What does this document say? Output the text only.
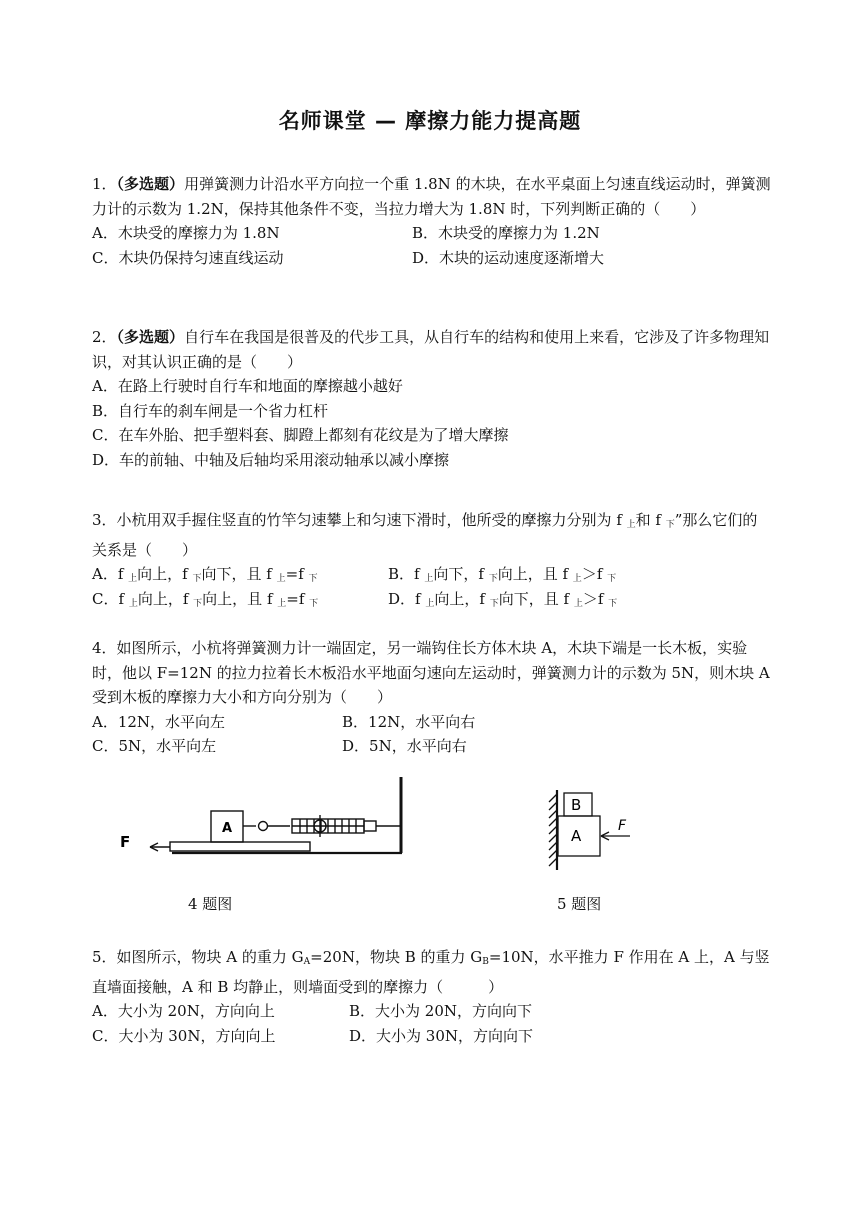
名师课堂 — 摩擦力能力提高题

1．（多选题）用弹簧测力计沿水平方向拉一个重 1.8N 的木块，在水平桌面上匀速直线运动时，弹簧测力计的示数为 1.2N，保持其他条件不变，当拉力增大为 1.8N 时，下列判断正确的（　　）

A．木块受的摩擦力为 1.8N	B．木块受的摩擦力为 1.2N
C．木块仍保持匀速直线运动	D．木块的运动速度逐渐增大

2．（多选题）自行车在我国是很普及的代步工具，从自行车的结构和使用上来看，它涉及了许多物理知识，对其认识正确的是（　　）

A．在路上行驶时自行车和地面的摩擦越小越好
B．自行车的刹车闸是一个省力杠杆
C．在车外胎、把手塑料套、脚蹬上都刻有花纹是为了增大摩擦
D．车的前轴、中轴及后轴均采用滚动轴承以减小摩擦

3．小杭用双手握住竖直的竹竿匀速攀上和匀速下滑时，他所受的摩擦力分别为 f $_上$和 f $_下$”那么它们的关系是（　　）

A．f $_上$向上，f $_下$向下，且 f $_上$=f $_下$	B．f $_上$向下，f $_下$向上，且 f $_上$＞f $_下$
C．f $_上$向上，f $_下$向上，且 f $_上$=f $_下$	D．f $_上$向上，f $_下$向下，且 f $_上$＞f $_下$

4．如图所示，小杭将弹簧测力计一端固定，另一端钩住长方体木块 A，木块下端是一长木板，实验时，他以 F=12N 的拉力拉着长木板沿水平地面匀速向左运动时，弹簧测力计的示数为 5N，则木块 A 受到木板的摩擦力大小和方向分别为（　　）

A．12N，水平向左	B．12N，水平向右
C．5N，水平向左	D．5N，水平向右
A
F
B
A
F
4 题图	5 题图

5．如图所示，物块 A 的重力 $G_A=20N$，物块 B 的重力 $G_B=10N$，水平推力 F 作用在 A 上，A 与竖直墙面接触，A 和 B 均静止，则墙面受到的摩擦力（　　　）

A．大小为 20N，方向向上	B．大小为 20N，方向向下
C．大小为 30N，方向向上	D．大小为 30N，方向向下
